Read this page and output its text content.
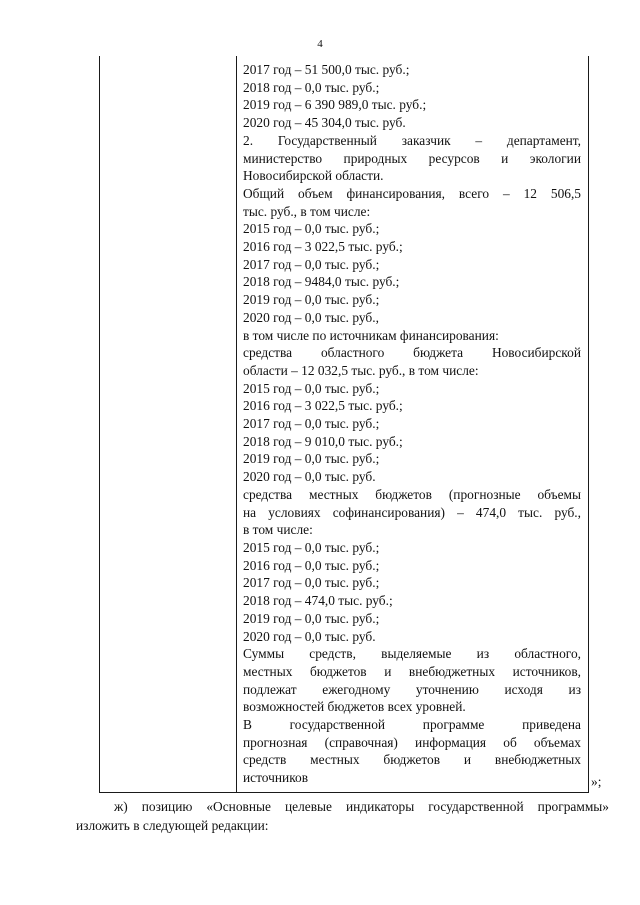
4
2017 год – 51 500,0 тыс. руб.;
2018 год – 0,0 тыс. руб.;
2019 год – 6 390 989,0 тыс. руб.;
2020 год – 45 304,0 тыс. руб.
2. Государственный заказчик – департамент,
министерство природных ресурсов и экологии
Новосибирской области.
Общий объем финансирования, всего – 12 506,5
тыс. руб., в том числе:
2015 год – 0,0 тыс. руб.;
2016 год – 3 022,5 тыс. руб.;
2017 год – 0,0 тыс. руб.;
2018 год – 9484,0 тыс. руб.;
2019 год – 0,0 тыс. руб.;
2020 год – 0,0 тыс. руб.,
в том числе по источникам финансирования:
средства областного бюджета Новосибирской
области – 12 032,5 тыс. руб., в том числе:
2015 год – 0,0 тыс. руб.;
2016 год – 3 022,5 тыс. руб.;
2017 год – 0,0 тыс. руб.;
2018 год – 9 010,0 тыс. руб.;
2019 год – 0,0 тыс. руб.;
2020 год – 0,0 тыс. руб.
средства местных бюджетов (прогнозные объемы
на условиях софинансирования) – 474,0 тыс. руб.,
в том числе:
2015 год – 0,0 тыс. руб.;
2016 год – 0,0 тыс. руб.;
2017 год – 0,0 тыс. руб.;
2018 год – 474,0 тыс. руб.;
2019 год – 0,0 тыс. руб.;
2020 год – 0,0 тыс. руб.
Суммы средств, выделяемые из областного,
местных бюджетов и внебюджетных источников,
подлежат ежегодному уточнению исходя из
возможностей бюджетов всех уровней.
В государственной программе приведена
прогнозная (справочная) информация об объемах
средств местных бюджетов и внебюджетных
источников	»;
ж) позицию «Основные целевые индикаторы государственной программы»
изложить в следующей редакции:
